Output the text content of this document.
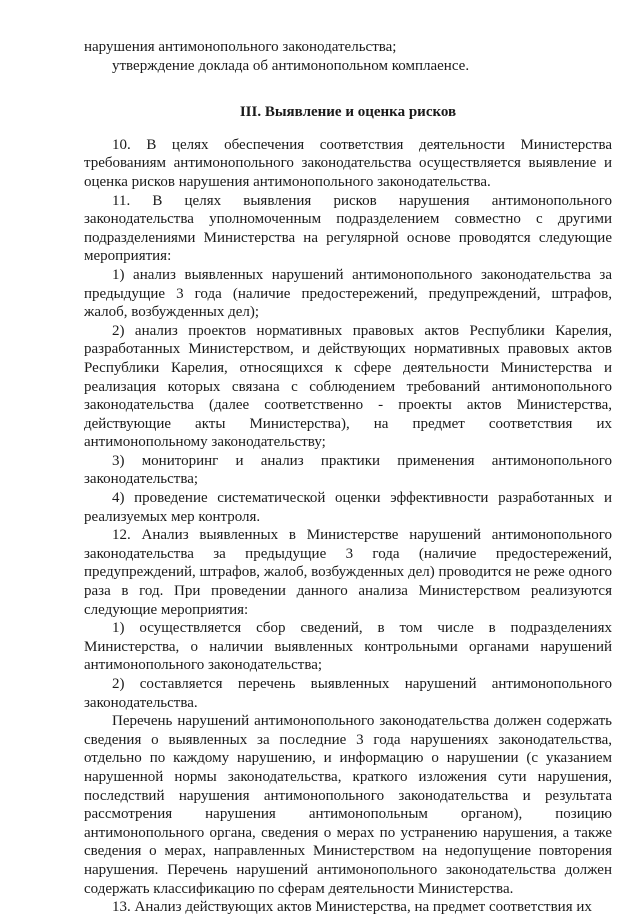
нарушения антимонопольного законодательства;

утверждение доклада об антимонопольном комплаенсе.

III. Выявление и оценка рисков

10. В целях обеспечения соответствия деятельности Министерства требованиям антимонопольного законодательства осуществляется выявление и оценка рисков нарушения антимонопольного законодательства.

11. В целях выявления рисков нарушения антимонопольного законодательства уполномоченным подразделением совместно с другими подразделениями Министерства на регулярной основе проводятся следующие мероприятия:

1) анализ выявленных нарушений антимонопольного законодательства за предыдущие 3 года (наличие предостережений, предупреждений, штрафов, жалоб, возбужденных дел);

2) анализ проектов нормативных правовых актов Республики Карелия, разработанных Министерством, и действующих нормативных правовых актов Республики Карелия, относящихся к сфере деятельности Министерства и реализация которых связана с соблюдением требований антимонопольного законодательства (далее соответственно - проекты актов Министерства, действующие акты Министерства), на предмет соответствия их антимонопольному законодательству;

3) мониторинг и анализ практики применения антимонопольного законодательства;

4) проведение систематической оценки эффективности разработанных и реализуемых мер контроля.

12. Анализ выявленных в Министерстве нарушений антимонопольного законодательства за предыдущие 3 года (наличие предостережений, предупреждений, штрафов, жалоб, возбужденных дел) проводится не реже одного раза в год. При проведении данного анализа Министерством реализуются следующие мероприятия:

1) осуществляется сбор сведений, в том числе в подразделениях Министерства, о наличии выявленных контрольными органами нарушений антимонопольного законодательства;

2) составляется перечень выявленных нарушений антимонопольного законодательства.

Перечень нарушений антимонопольного законодательства должен содержать сведения о выявленных за последние 3 года нарушениях законодательства, отдельно по каждому нарушению, и информацию о нарушении (с указанием нарушенной нормы законодательства, краткого изложения сути нарушения, последствий нарушения антимонопольного законодательства и результата рассмотрения нарушения антимонопольным органом), позицию антимонопольного органа, сведения о мерах по устранению нарушения, а также сведения о мерах, направленных Министерством на недопущение повторения нарушения. Перечень нарушений антимонопольного законодательства должен содержать классификацию по сферам деятельности Министерства.

13. Анализ действующих актов Министерства, на предмет соответствия их
